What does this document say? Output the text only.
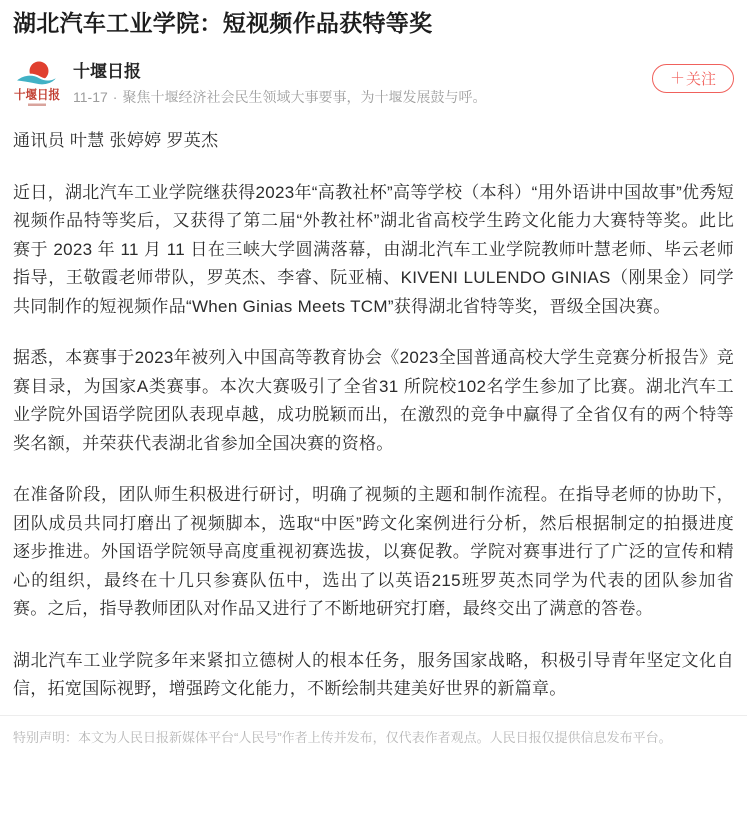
湖北汽车工业学院：短视频作品获特等奖
十堰日报
十堰日报
11-17 · 聚焦十堰经济社会民生领域大事要事，为十堰发展鼓与呼。
＋ 关注

通讯员 叶慧 张婷婷 罗英杰

近日，湖北汽车工业学院继获得2023年“高教社杯”高等学校（本科）“用外语讲中国故事”优秀短视频作品特等奖后，又获得了第二届“外教社杯”湖北省高校学生跨文化能力大赛特等奖。此比赛于 2023 年 11 月 11 日在三峡大学圆满落幕，由湖北汽车工业学院教师叶慧老师、毕云老师指导，王敬霞老师带队，罗英杰、李睿、阮亚楠、KIVENI LULENDO GINIAS（刚果金）同学共同制作的短视频作品“When Ginias Meets TCM”获得湖北省特等奖，晋级全国决赛。

据悉，本赛事于2023年被列入中国高等教育协会《2023全国普通高校大学生竞赛分析报告》竞赛目录，为国家A类赛事。本次大赛吸引了全省31 所院校102名学生参加了比赛。湖北汽车工业学院外国语学院团队表现卓越，成功脱颖而出，在激烈的竞争中赢得了全省仅有的两个特等奖名额，并荣获代表湖北省参加全国决赛的资格。

在准备阶段，团队师生积极进行研讨，明确了视频的主题和制作流程。在指导老师的协助下，团队成员共同打磨出了视频脚本，选取“中医”跨文化案例进行分析，然后根据制定的拍摄进度逐步推进。外国语学院领导高度重视初赛选拔，以赛促教。学院对赛事进行了广泛的宣传和精心的组织，最终在十几只参赛队伍中，选出了以英语215班罗英杰同学为代表的团队参加省赛。之后，指导教师团队对作品又进行了不断地研究打磨，最终交出了满意的答卷。

湖北汽车工业学院多年来紧扣立德树人的根本任务，服务国家战略，积极引导青年坚定文化自信，拓宽国际视野，增强跨文化能力，不断绘制共建美好世界的新篇章。

特别声明：本文为人民日报新媒体平台“人民号”作者上传并发布，仅代表作者观点。人民日报仅提供信息发布平台。
